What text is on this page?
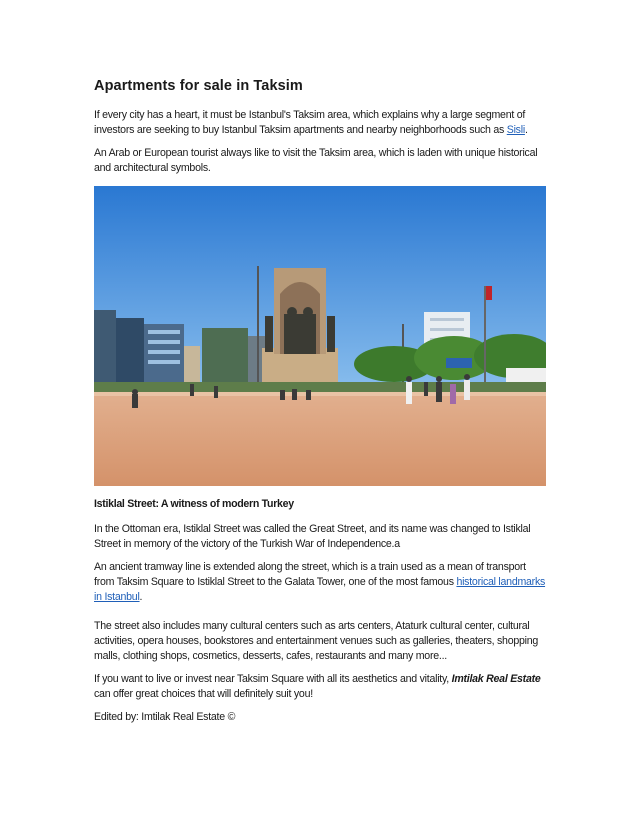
Apartments for sale in Taksim

If every city has a heart, it must be Istanbul's Taksim area, which explains why a large segment of investors are seeking to buy Istanbul Taksim apartments and nearby neighborhoods such as Sisli.

An Arab or European tourist always like to visit the Taksim area, which is laden with unique historical and architectural symbols.

Istiklal Street: A witness of modern Turkey

In the Ottoman era, Istiklal Street was called the Great Street, and its name was changed to Istiklal Street in memory of the victory of the Turkish War of Independence.a

An ancient tramway line is extended along the street, which is a train used as a mean of transport from Taksim Square to Istiklal Street to the Galata Tower, one of the most famous historical landmarks in Istanbul.

The street also includes many cultural centers such as arts centers, Ataturk cultural center, cultural activities, opera houses, bookstores and entertainment venues such as galleries, theaters, shopping malls, clothing shops, cosmetics, desserts, cafes, restaurants and many more...

If you want to live or invest near Taksim Square with all its aesthetics and vitality, Imtilak Real Estate can offer great choices that will definitely suit you!

Edited by: Imtilak Real Estate ©
